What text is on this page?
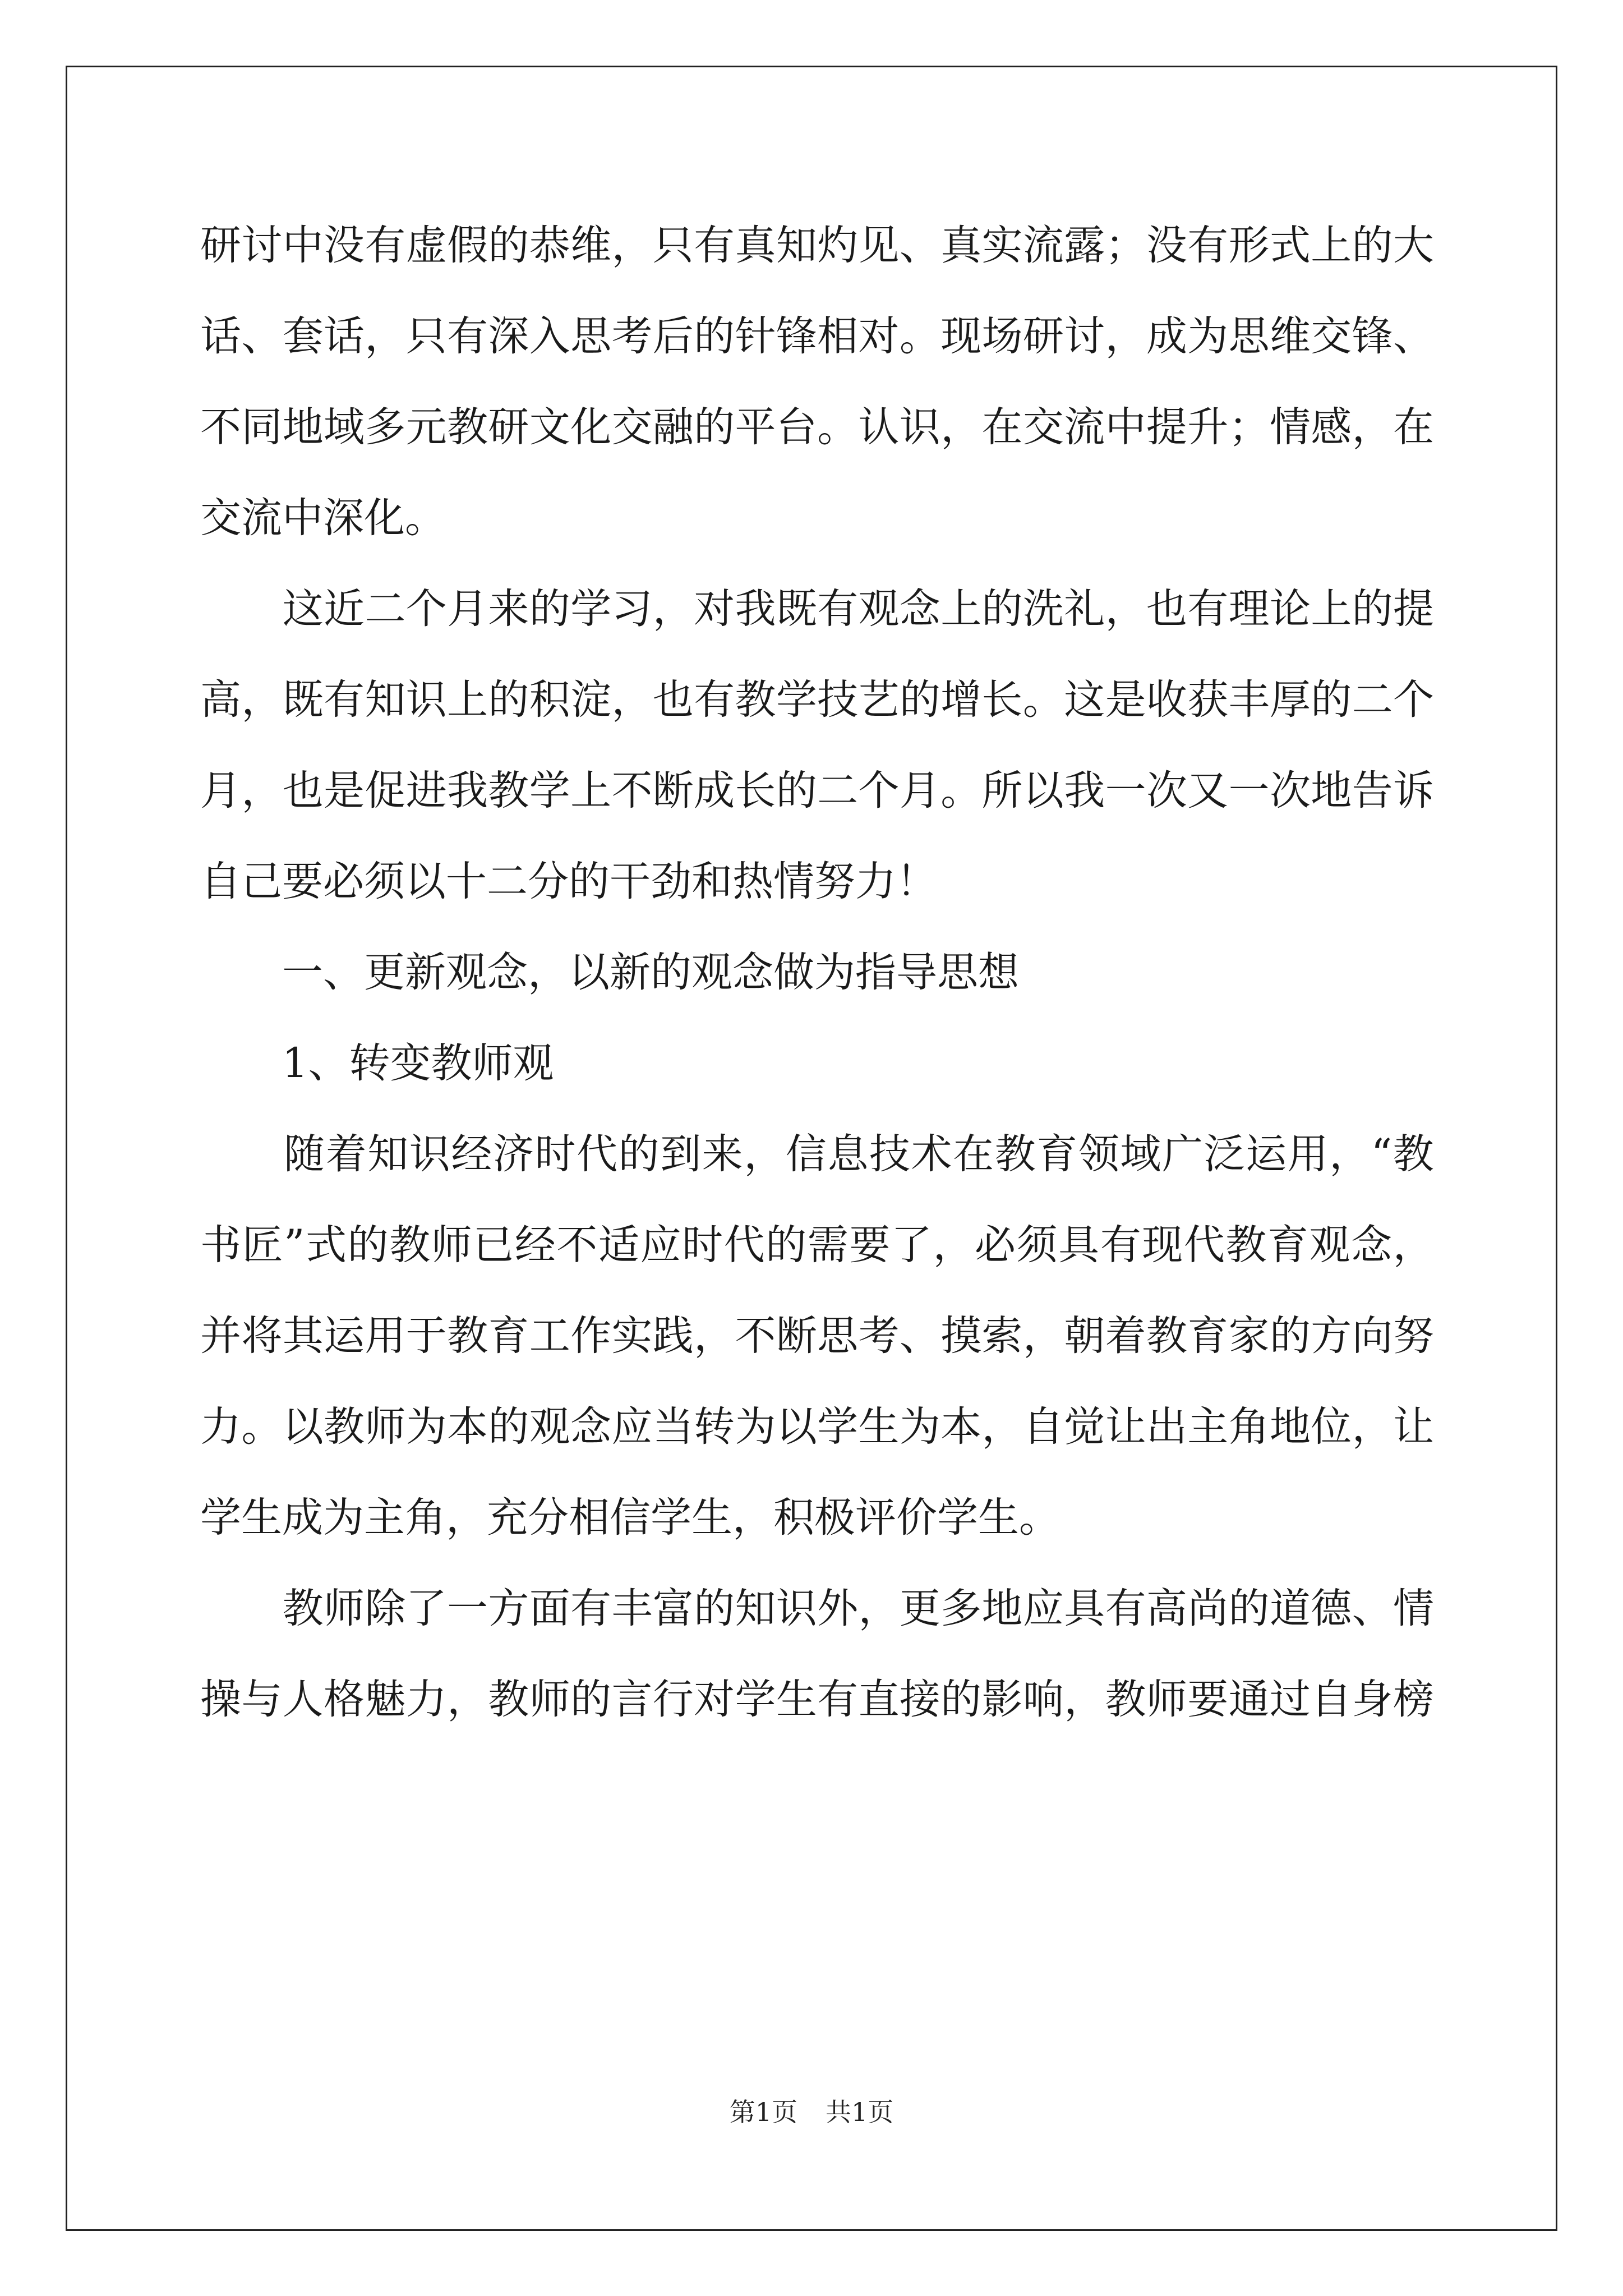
研 讨 中 没 有 虚 假 的 恭 维 ， 只 有 真 知 灼 见 、 真 实 流 露 ； 没 有 形 式 上 的 大
话 、 套 话 ， 只 有 深 入 思 考 后 的 针 锋 相 对 。 现 场 研 讨 ， 成 为 思 维 交 锋 、
不 同 地 域 多 元 教 研 文 化 交 融 的 平 台 。 认 识 ， 在 交 流 中 提 升 ； 情 感 ， 在
交流中深化。

这 近 二 个 月 来 的 学 习 ， 对 我 既 有 观 念 上 的 洗 礼 ， 也 有 理 论 上 的 提
高 ， 既 有 知 识 上 的 积 淀 ， 也 有 教 学 技 艺 的 增 长 。 这 是 收 获 丰 厚 的 二 个
月 ， 也 是 促 进 我 教 学 上 不 断 成 长 的 二 个 月 。 所 以 我 一 次 又 一 次 地 告 诉
自己要必须以十二分的干劲和热情努力！
　　一、更新观念，以新的观念做为指导思想
　　1、转变教师观

随 着 知 识 经 济 时 代 的 到 来 ， 信 息 技 术 在 教 育 领 域 广 泛 运 用 ， “ 教
书 匠 ” 式 的 教 师 已 经 不 适 应 时 代 的 需 要 了 ， 必 须 具 有 现 代 教 育 观 念 ，
并 将 其 运 用 于 教 育 工 作 实 践 ， 不 断 思 考 、 摸 索 ， 朝 着 教 育 家 的 方 向 努
力 。 以 教 师 为 本 的 观 念 应 当 转 为 以 学 生 为 本 ， 自 觉 让 出 主 角 地 位 ， 让
学生成为主角，充分相信学生，积极评价学生。

教 师 除 了 一 方 面 有 丰 富 的 知 识 外 ， 更 多 地 应 具 有 高 尚 的 道 德 、 情
操 与 人 格 魅 力 ， 教 师 的 言 行 对 学 生 有 直 接 的 影 响 ， 教 师 要 通 过 自 身 榜
第1页 共1页
